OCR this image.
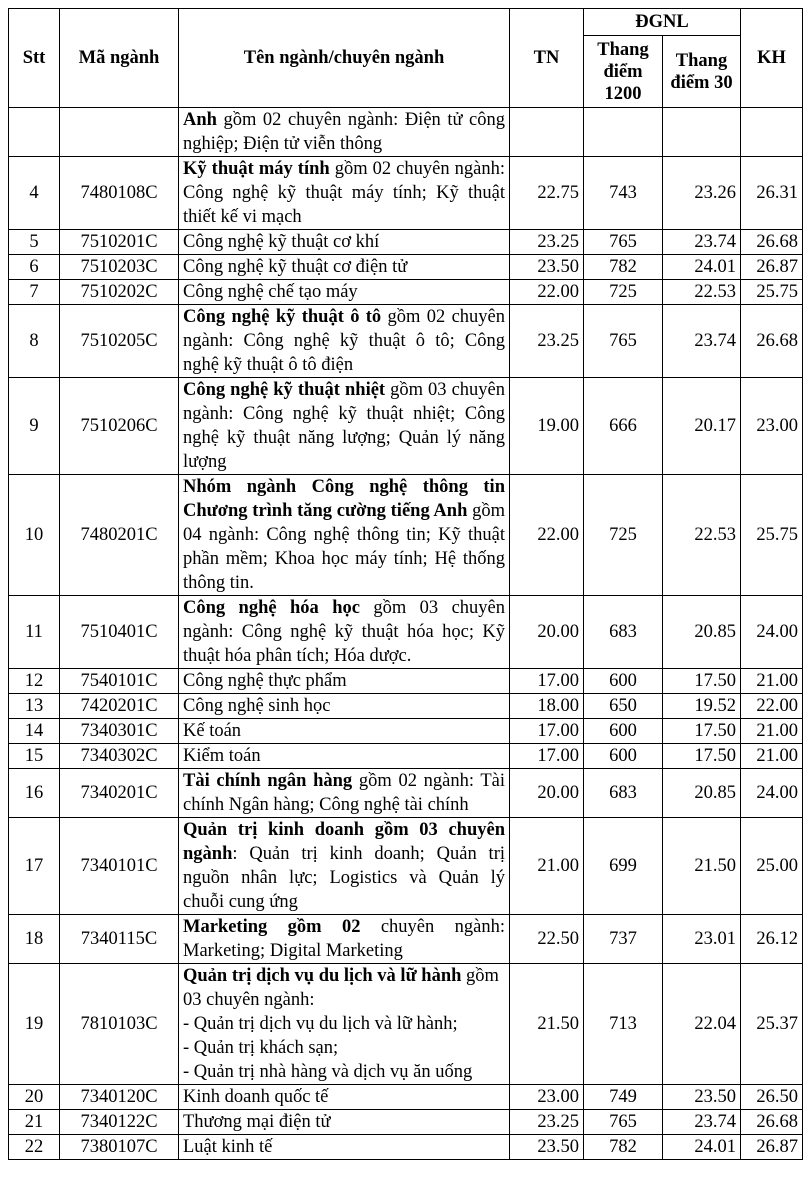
Stt	Mã ngành	Tên ngành/chuyên ngành	TN	ĐGNL		KH
				Thang điểm 1200	Thang điểm 30	
		Anh gồm 02 chuyên ngành: Điện tử công nghiệp; Điện tử viễn thông				
4	7480108C	Kỹ thuật máy tính gồm 02 chuyên ngành: Công nghệ kỹ thuật máy tính; Kỹ thuật thiết kế vi mạch	22.75	743	23.26	26.31
5	7510201C	Công nghệ kỹ thuật cơ khí	23.25	765	23.74	26.68
6	7510203C	Công nghệ kỹ thuật cơ điện tử	23.50	782	24.01	26.87
7	7510202C	Công nghệ chế tạo máy	22.00	725	22.53	25.75
8	7510205C	Công nghệ kỹ thuật ô tô gồm 02 chuyên ngành: Công nghệ kỹ thuật ô tô; Công nghệ kỹ thuật ô tô điện	23.25	765	23.74	26.68
9	7510206C	Công nghệ kỹ thuật nhiệt gồm 03 chuyên ngành: Công nghệ kỹ thuật nhiệt; Công nghệ kỹ thuật năng lượng; Quản lý năng lượng	19.00	666	20.17	23.00
10	7480201C	Nhóm ngành Công nghệ thông tin Chương trình tăng cường tiếng Anh gồm 04 ngành: Công nghệ thông tin; Kỹ thuật phần mềm; Khoa học máy tính; Hệ thống thông tin.	22.00	725	22.53	25.75
11	7510401C	Công nghệ hóa học gồm 03 chuyên ngành: Công nghệ kỹ thuật hóa học; Kỹ thuật hóa phân tích; Hóa dược.	20.00	683	20.85	24.00
12	7540101C	Công nghệ thực phẩm	17.00	600	17.50	21.00
13	7420201C	Công nghệ sinh học	18.00	650	19.52	22.00
14	7340301C	Kế toán	17.00	600	17.50	21.00
15	7340302C	Kiểm toán	17.00	600	17.50	21.00
16	7340201C	Tài chính ngân hàng gồm 02 ngành: Tài chính Ngân hàng; Công nghệ tài chính	20.00	683	20.85	24.00
17	7340101C	Quản trị kinh doanh gồm 03 chuyên ngành: Quản trị kinh doanh; Quản trị nguồn nhân lực; Logistics và Quản lý chuỗi cung ứng	21.00	699	21.50	25.00
18	7340115C	Marketing gồm 02 chuyên ngành: Marketing; Digital Marketing	22.50	737	23.01	26.12
19	7810103C	Quản trị dịch vụ du lịch và lữ hành gồm 03 chuyên ngành:
- Quản trị dịch vụ du lịch và lữ hành;
- Quản trị khách sạn;
- Quản trị nhà hàng và dịch vụ ăn uống	21.50	713	22.04	25.37
20	7340120C	Kinh doanh quốc tế	23.00	749	23.50	26.50
21	7340122C	Thương mại điện tử	23.25	765	23.74	26.68
22	7380107C	Luật kinh tế	23.50	782	24.01	26.87
